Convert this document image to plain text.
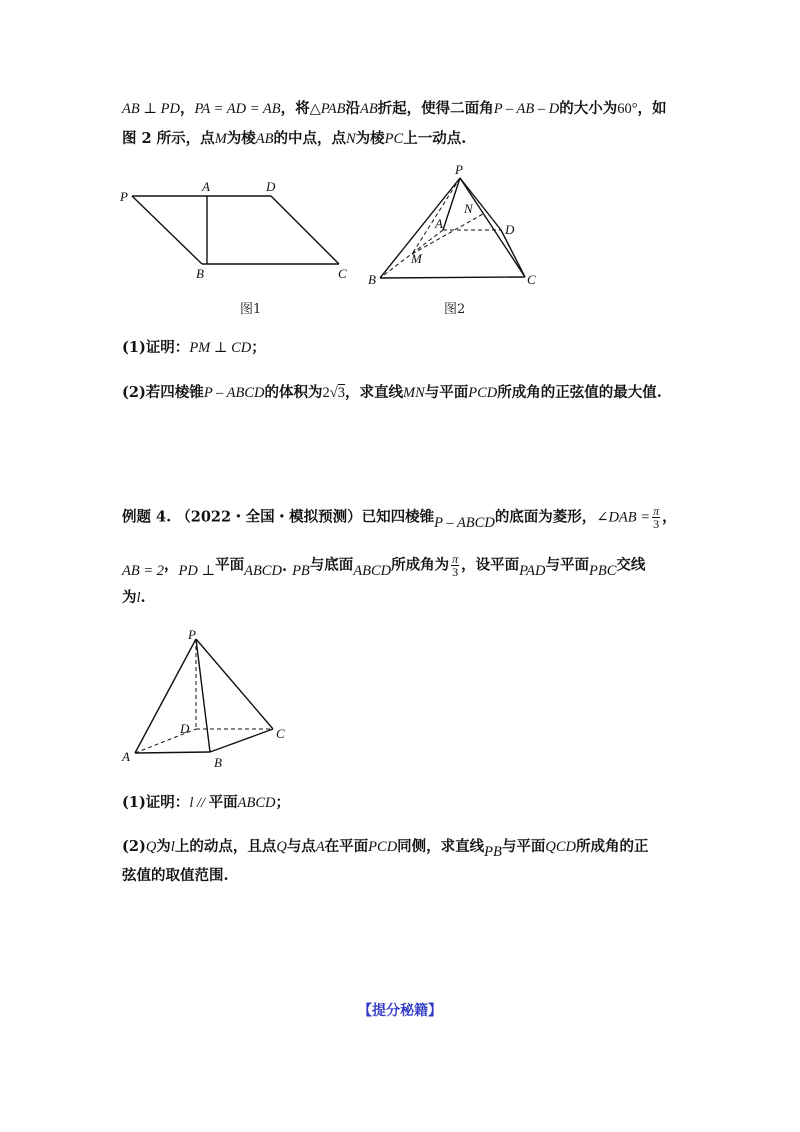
AB ⊥ PD，PA = AD = AB，将△PAB沿AB折起，使得二面角P – AB – D的大小为60°，如
图 2 所示，点M为棱AB的中点，点N为棱PC上一动点.
P
A	D
B	C
图1
P
N
A	D
M
B	C
图2
(1)证明：PM ⊥ CD；
(2)若四棱锥P – ABCD的体积为2√3，求直线MN与平面PCD所成角的正弦值的最大值.
例题 4. （2022・全国・模拟预测）已知四棱锥P – ABCD的底面为菱形，∠DAB = $\frac{\pi}{3}$ ，
AB = 2，PD ⊥平面ABCD· PB与底面ABCD所成角为 $\frac{\pi}{3}$ ，设平面PAD与平面PBC交线
为l.
P
D	C
A	B
(1)证明：l // 平面ABCD；
(2)Q为l上的动点，且点Q与点A在平面PCD同侧，求直线PB与平面QCD所成角的正
弦值的取值范围.
【提分秘籍】
